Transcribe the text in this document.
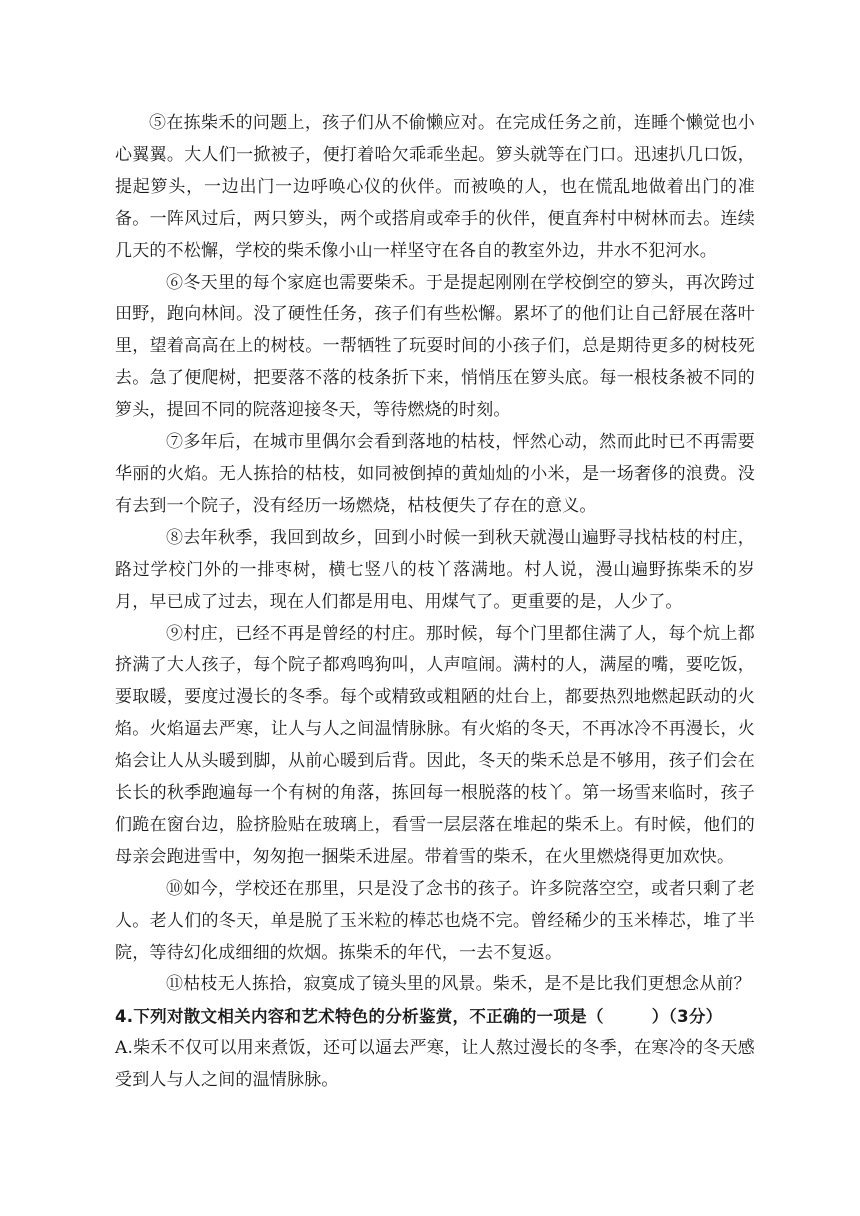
⑤在拣柴禾的问题上，孩子们从不偷懒应对。在完成任务之前，连睡个懒觉也小心翼翼。大人们一掀被子，便打着哈欠乖乖坐起。箩头就等在门口。迅速扒几口饭，提起箩头，一边出门一边呼唤心仪的伙伴。而被唤的人，也在慌乱地做着出门的准备。一阵风过后，两只箩头，两个或搭肩或牵手的伙伴，便直奔村中树林而去。连续几天的不松懈，学校的柴禾像小山一样坚守在各自的教室外边，井水不犯河水。

⑥冬天里的每个家庭也需要柴禾。于是提起刚刚在学校倒空的箩头，再次跨过田野，跑向林间。没了硬性任务，孩子们有些松懈。累坏了的他们让自己舒展在落叶里，望着高高在上的树枝。一帮牺牲了玩耍时间的小孩子们，总是期待更多的树枝死去。急了便爬树，把要落不落的枝条折下来，悄悄压在箩头底。每一根枝条被不同的箩头，提回不同的院落迎接冬天，等待燃烧的时刻。

⑦多年后，在城市里偶尔会看到落地的枯枝，怦然心动，然而此时已不再需要华丽的火焰。无人拣拾的枯枝，如同被倒掉的黄灿灿的小米，是一场奢侈的浪费。没有去到一个院子，没有经历一场燃烧，枯枝便失了存在的意义。

⑧去年秋季，我回到故乡，回到小时候一到秋天就漫山遍野寻找枯枝的村庄，路过学校门外的一排枣树，横七竖八的枝丫落满地。村人说，漫山遍野拣柴禾的岁月，早已成了过去，现在人们都是用电、用煤气了。更重要的是，人少了。

⑨村庄，已经不再是曾经的村庄。那时候，每个门里都住满了人，每个炕上都挤满了大人孩子，每个院子都鸡鸣狗叫，人声喧闹。满村的人，满屋的嘴，要吃饭，要取暖，要度过漫长的冬季。每个或精致或粗陋的灶台上，都要热烈地燃起跃动的火焰。火焰逼去严寒，让人与人之间温情脉脉。有火焰的冬天，不再冰冷不再漫长，火焰会让人从头暖到脚，从前心暖到后背。因此，冬天的柴禾总是不够用，孩子们会在长长的秋季跑遍每一个有树的角落，拣回每一根脱落的枝丫。第一场雪来临时，孩子们跪在窗台边，脸挤脸贴在玻璃上，看雪一层层落在堆起的柴禾上。有时候，他们的母亲会跑进雪中，匆匆抱一捆柴禾进屋。带着雪的柴禾，在火里燃烧得更加欢快。

⑩如今，学校还在那里，只是没了念书的孩子。许多院落空空，或者只剩了老人。老人们的冬天，单是脱了玉米粒的棒芯也烧不完。曾经稀少的玉米棒芯，堆了半院，等待幻化成细细的炊烟。拣柴禾的年代，一去不复返。

⑪枯枝无人拣拾，寂寞成了镜头里的风景。柴禾，是不是比我们更想念从前？

4.下列对散文相关内容和艺术特色的分析鉴赏，不正确的一项是（	）（3分）

A.柴禾不仅可以用来煮饭，还可以逼去严寒，让人熬过漫长的冬季，在寒冷的冬天感受到人与人之间的温情脉脉。
